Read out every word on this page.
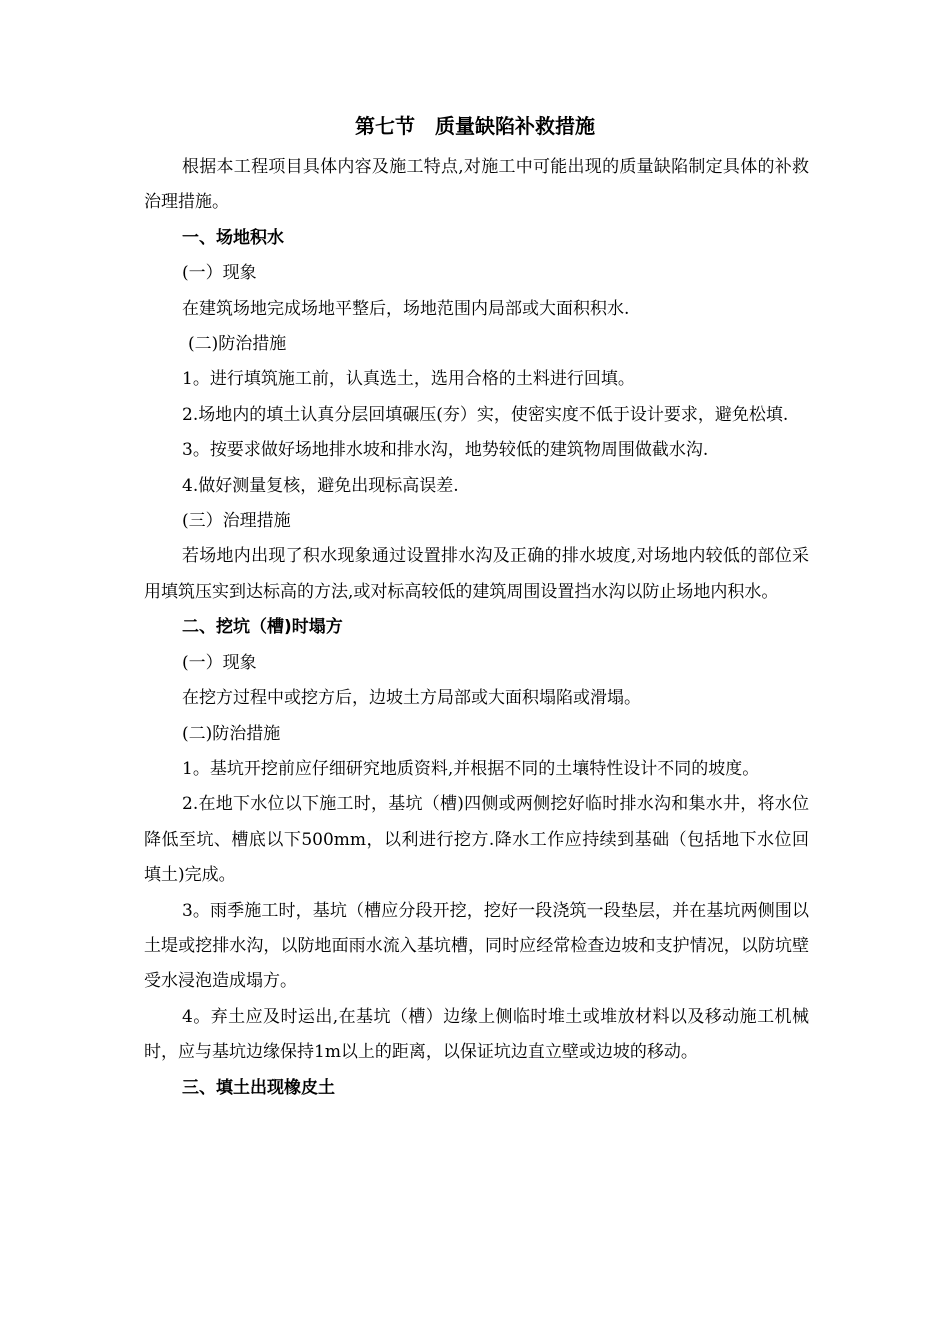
第七节　质量缺陷补救措施

根据本工程项目具体内容及施工特点,对施工中可能出现的质量缺陷制定具体的补救治理措施。

一、场地积水

(一）现象

在建筑场地完成场地平整后，场地范围内局部或大面积积水.

(二)防治措施

1。进行填筑施工前，认真选土，选用合格的土料进行回填。

2.场地内的填土认真分层回填碾压(夯）实，使密实度不低于设计要求，避免松填.

3。按要求做好场地排水坡和排水沟，地势较低的建筑物周围做截水沟.

4.做好测量复核，避免出现标高误差.

(三）治理措施

若场地内出现了积水现象通过设置排水沟及正确的排水坡度,对场地内较低的部位采用填筑压实到达标高的方法,或对标高较低的建筑周围设置挡水沟以防止场地内积水。

二、挖坑（槽)时塌方

(一）现象

在挖方过程中或挖方后，边坡土方局部或大面积塌陷或滑塌。

(二)防治措施

1。基坑开挖前应仔细研究地质资料,并根据不同的土壤特性设计不同的坡度。

2.在地下水位以下施工时，基坑（槽)四侧或两侧挖好临时排水沟和集水井，将水位降低至坑、槽底以下500mm，以利进行挖方.降水工作应持续到基础（包括地下水位回填土)完成。

3。雨季施工时，基坑（槽应分段开挖，挖好一段浇筑一段垫层，并在基坑两侧围以土堤或挖排水沟，以防地面雨水流入基坑槽，同时应经常检查边坡和支护情况，以防坑壁受水浸泡造成塌方。

4。弃土应及时运出,在基坑（槽）边缘上侧临时堆土或堆放材料以及移动施工机械时，应与基坑边缘保持1m以上的距离，以保证坑边直立壁或边坡的移动。

三、填土出现橡皮土
